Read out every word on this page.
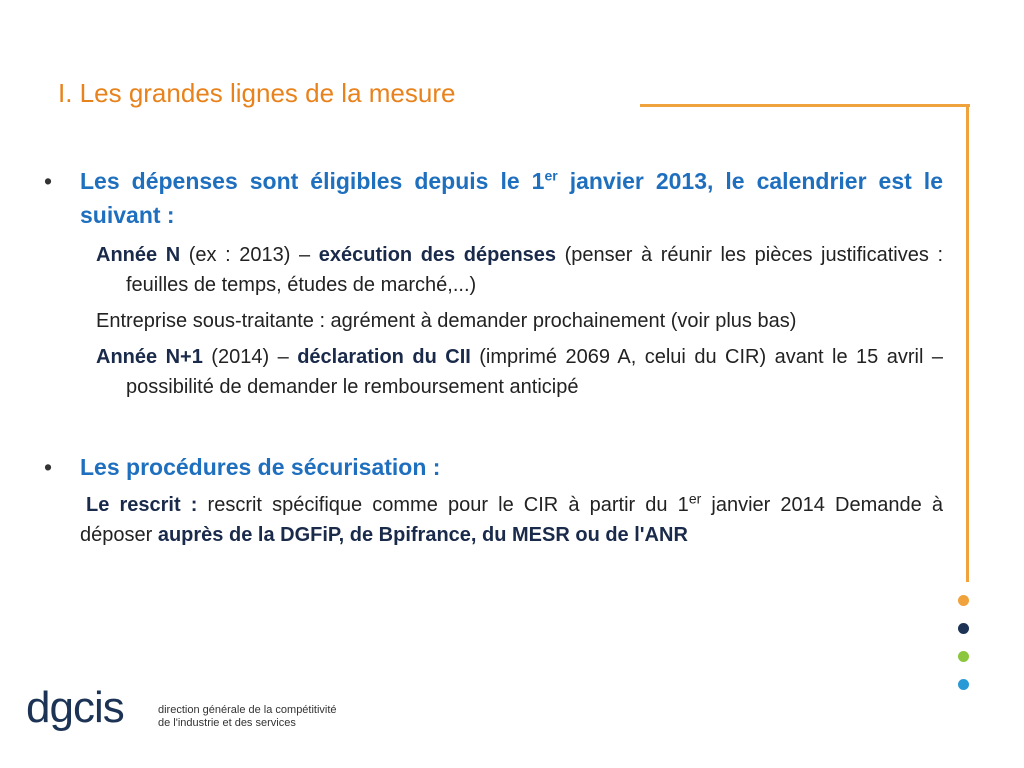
I. Les grandes lignes de la mesure
• Les dépenses sont éligibles depuis le 1er janvier 2013, le calendrier est le suivant :
Année N (ex : 2013) – exécution des dépenses (penser à réunir les pièces justificatives : feuilles de temps, études de marché,...)
Entreprise sous-traitante : agrément à demander prochainement (voir plus bas)
Année N+1 (2014) – déclaration du CII (imprimé 2069 A, celui du CIR) avant le 15 avril – possibilité de demander le remboursement anticipé
• Les procédures de sécurisation :
Le rescrit : rescrit spécifique comme pour le CIR à partir du 1er janvier 2014 Demande à déposer auprès de la DGFiP, de Bpifrance, du MESR ou de l'ANR
dgcis	direction générale de la compétitivité
de l'industrie et des services
